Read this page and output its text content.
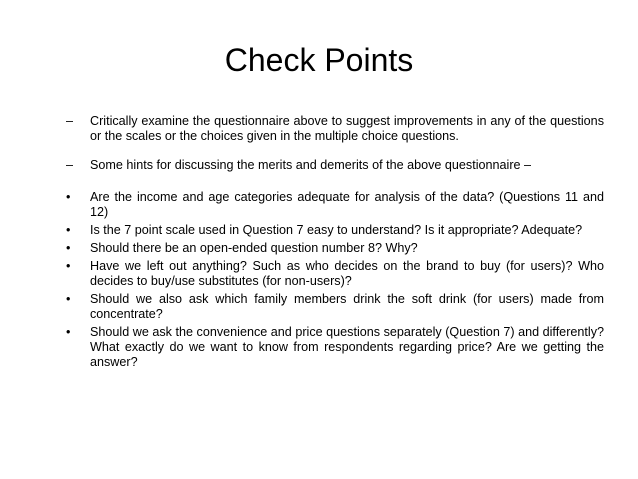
Check Points
–	Critically examine the questionnaire above to suggest improvements in any of the questions or the scales or the choices given in the multiple choice questions.
–	Some hints for discussing the merits and demerits of the above questionnaire –
•	Are the income and age categories adequate for analysis of the data? (Questions 11 and 12)
•	Is the 7 point scale used in Question 7 easy to understand? Is it appropriate? Adequate?
•	Should there be an open-ended question number 8? Why?
•	Have we left out anything? Such as who decides on the brand to buy (for users)? Who decides to buy/use substitutes (for non-users)?
•	Should we also ask which family members drink the soft drink (for users) made from concentrate?
•	Should we ask the convenience and price questions separately (Question 7) and differently? What exactly do we want to know from respondents regarding price? Are we getting the answer?
